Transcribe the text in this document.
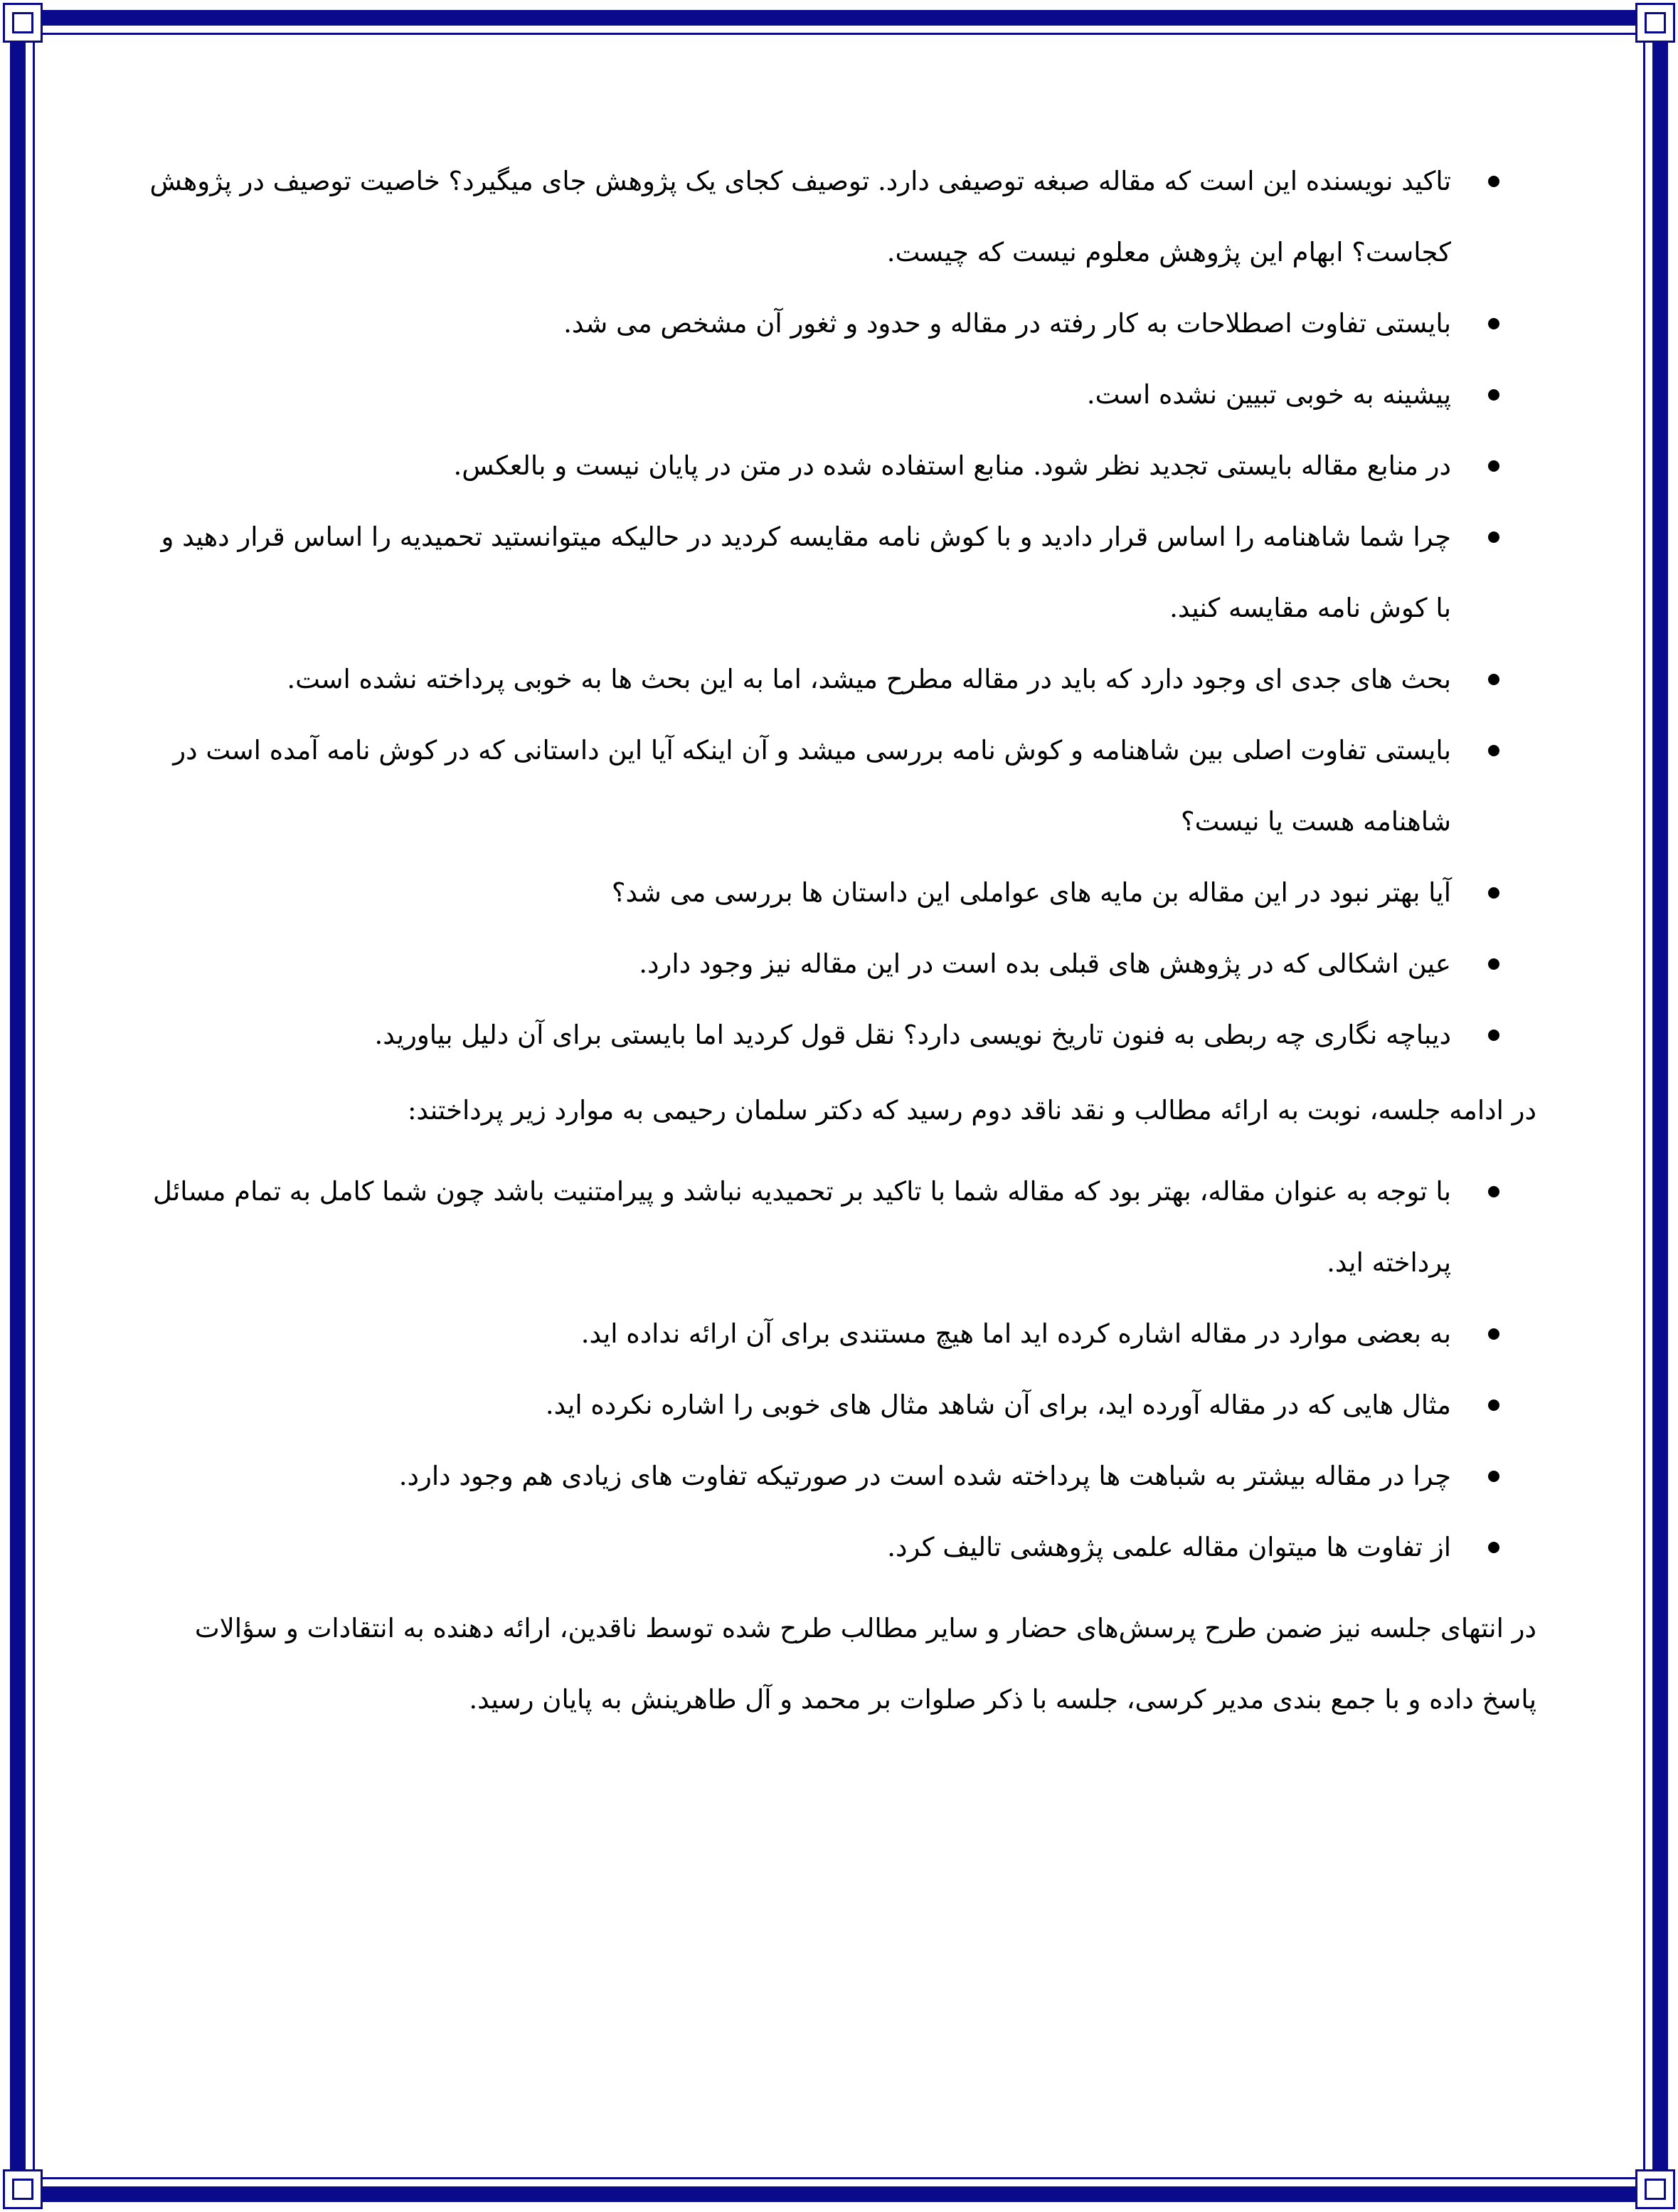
تاکید نویسنده این است که مقاله صبغه توصیفی دارد. توصیف کجای یک پژوهش جای میگیرد؟ خاصیت توصیف در پژوهش کجاست؟ ابهام این پژوهش معلوم نیست که چیست.
بایستی تفاوت اصطلاحات به کار رفته در مقاله و حدود و ثغور آن مشخص می شد.
پیشینه به خوبی تبیین نشده است.
در منابع مقاله بایستی تجدید نظر شود. منابع استفاده شده در متن در پایان نیست و بالعکس.
چرا شما شاهنامه را اساس قرار دادید و با کوش نامه مقایسه کردید در حالیکه میتوانستید تحمیدیه را اساس قرار دهید و با کوش نامه مقایسه کنید.
بحث های جدی ای وجود دارد که باید در مقاله مطرح میشد، اما به این بحث ها به خوبی پرداخته نشده است.
بایستی تفاوت اصلی بین شاهنامه و کوش نامه بررسی میشد و آن اینکه آیا این داستانی که در کوش نامه آمده است در شاهنامه هست یا نیست؟
آیا بهتر نبود در این مقاله بن مایه های عواملی این داستان ها بررسی می شد؟
عین اشکالی که در پژوهش های قبلی بده است در این مقاله نیز وجود دارد.
دیباچه نگاری چه ربطی به فنون تاریخ نویسی دارد؟ نقل قول کردید اما بایستی برای آن دلیل بیاورید.

در ادامه جلسه، نوبت به ارائه مطالب و نقد ناقد دوم رسید که دکتر سلمان رحیمی به موارد زیر پرداختند:

با توجه به عنوان مقاله، بهتر بود که مقاله شما با تاکید بر تحمیدیه نباشد و پیرامتنیت باشد چون شما کامل به تمام مسائل پرداخته اید.
به بعضی موارد در مقاله اشاره کرده اید اما هیچ مستندی برای آن ارائه نداده اید.
مثال هایی که در مقاله آورده اید، برای آن شاهد مثال های خوبی را اشاره نکرده اید.
چرا در مقاله بیشتر به شباهت ها پرداخته شده است در صورتیکه تفاوت های زیادی هم وجود دارد.
از تفاوت ها میتوان مقاله علمی پژوهشی تالیف کرد.

در انتهای جلسه نیز ضمن طرح پرسش‌های حضار و سایر مطالب طرح شده توسط ناقدین، ارائه دهنده به انتقادات و سؤالات پاسخ داده و با جمع بندی مدیر کرسی، جلسه با ذکر صلوات بر محمد و آل طاهرینش به پایان رسید.
